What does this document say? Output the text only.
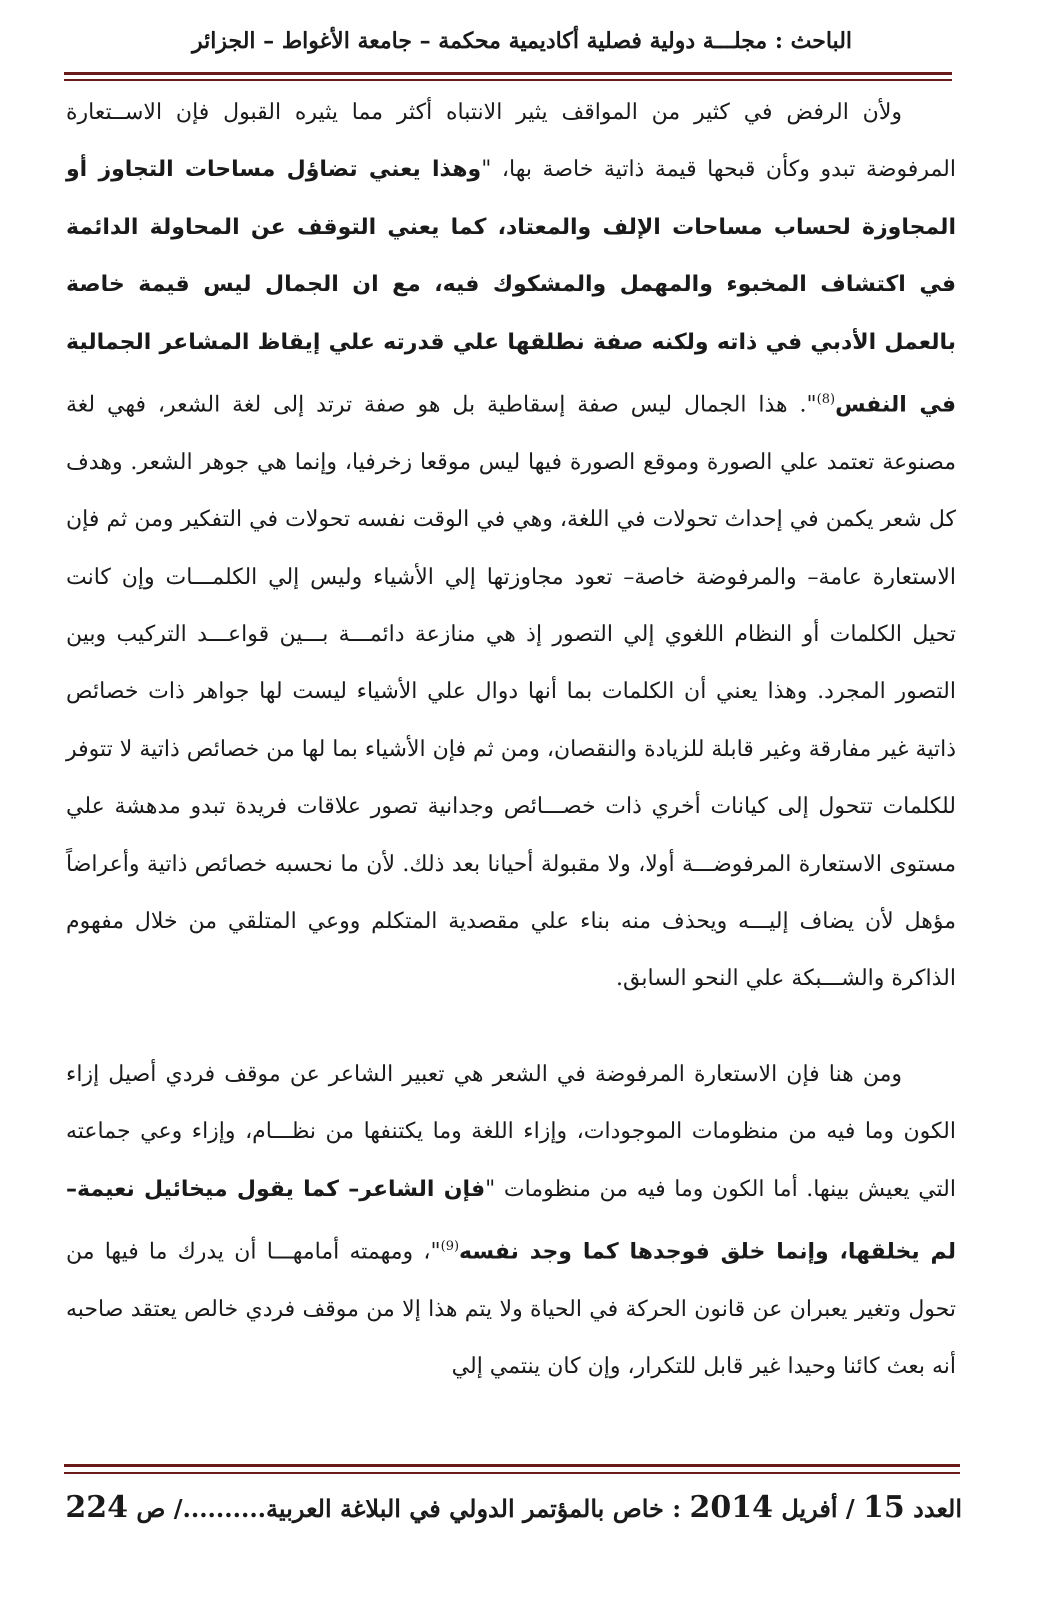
الباحث : مجلـــة دولية فصلية أكاديمية محكمة – جامعة الأغواط – الجزائر

ولأن الرفض في كثير من المواقف يثير الانتباه أكثر مما يثيره القبول فإن الاســتعارة المرفوضة تبدو وكأن قبحها قيمة ذاتية خاصة بها، "وهذا يعني تضاؤل مساحات التجاوز أو المجاوزة لحساب مساحات الإلف والمعتاد، كما يعني التوقف عن المحاولة الدائمة في اكتشاف المخبوء والمهمل والمشكوك فيه، مع ان الجمال ليس قيمة خاصة بالعمل الأدبي في ذاته ولكنه صفة نطلقها علي قدرته علي إيقاظ المشاعر الجمالية في النفس$^{(8)}$". هذا الجمال ليس صفة إسقاطية بل هو صفة ترتد إلى لغة الشعر، فهي لغة مصنوعة تعتمد علي الصورة وموقع الصورة فيها ليس موقعا زخرفيا، وإنما هي جوهر الشعر. وهدف كل شعر يكمن في إحداث تحولات في اللغة، وهي في الوقت نفسه تحولات في التفكير ومن ثم فإن الاستعارة عامة– والمرفوضة خاصة– تعود مجاوزتها إلي الأشياء وليس إلي الكلمـــات وإن كانت تحيل الكلمات أو النظام اللغوي إلي التصور إذ هي منازعة دائمـــة بـــين قواعـــد التركيب وبين التصور المجرد. وهذا يعني أن الكلمات بما أنها دوال علي الأشياء ليست لها جواهر ذات خصائص ذاتية غير مفارقة وغير قابلة للزيادة والنقصان، ومن ثم فإن الأشياء بما لها من خصائص ذاتية لا تتوفر للكلمات تتحول إلى كيانات أخري ذات خصـــائص وجدانية تصور علاقات فريدة تبدو مدهشة علي مستوى الاستعارة المرفوضـــة أولا، ولا مقبولة أحيانا بعد ذلك. لأن ما نحسبه خصائص ذاتية وأعراضاً مؤهل لأن يضاف إليـــه ويحذف منه بناء علي مقصدية المتكلم ووعي المتلقي من خلال مفهوم الذاكرة والشـــبكة علي النحو السابق.

ومن هنا فإن الاستعارة المرفوضة في الشعر هي تعبير الشاعر عن موقف فردي أصيل إزاء الكون وما فيه من منظومات الموجودات، وإزاء اللغة وما يكتنفها من نظـــام، وإزاء وعي جماعته التي يعيش بينها. أما الكون وما فيه من منظومات "فإن الشاعر– كما يقول ميخائيل نعيمة– لم يخلقها، وإنما خلق فوجدها كما وجد نفسه$^{(9)}$"، ومهمته أمامهـــا أن يدرك ما فيها من تحول وتغير يعبران عن قانون الحركة في الحياة ولا يتم هذا إلا من موقف فردي خالص يعتقد صاحبه أنه بعث كائنا وحيدا غير قابل للتكرار، وإن كان ينتمي إلي

العدد 15 / أفريل 2014 : خاص بالمؤتمر الدولي في البلاغة العربية........../ ص 224
